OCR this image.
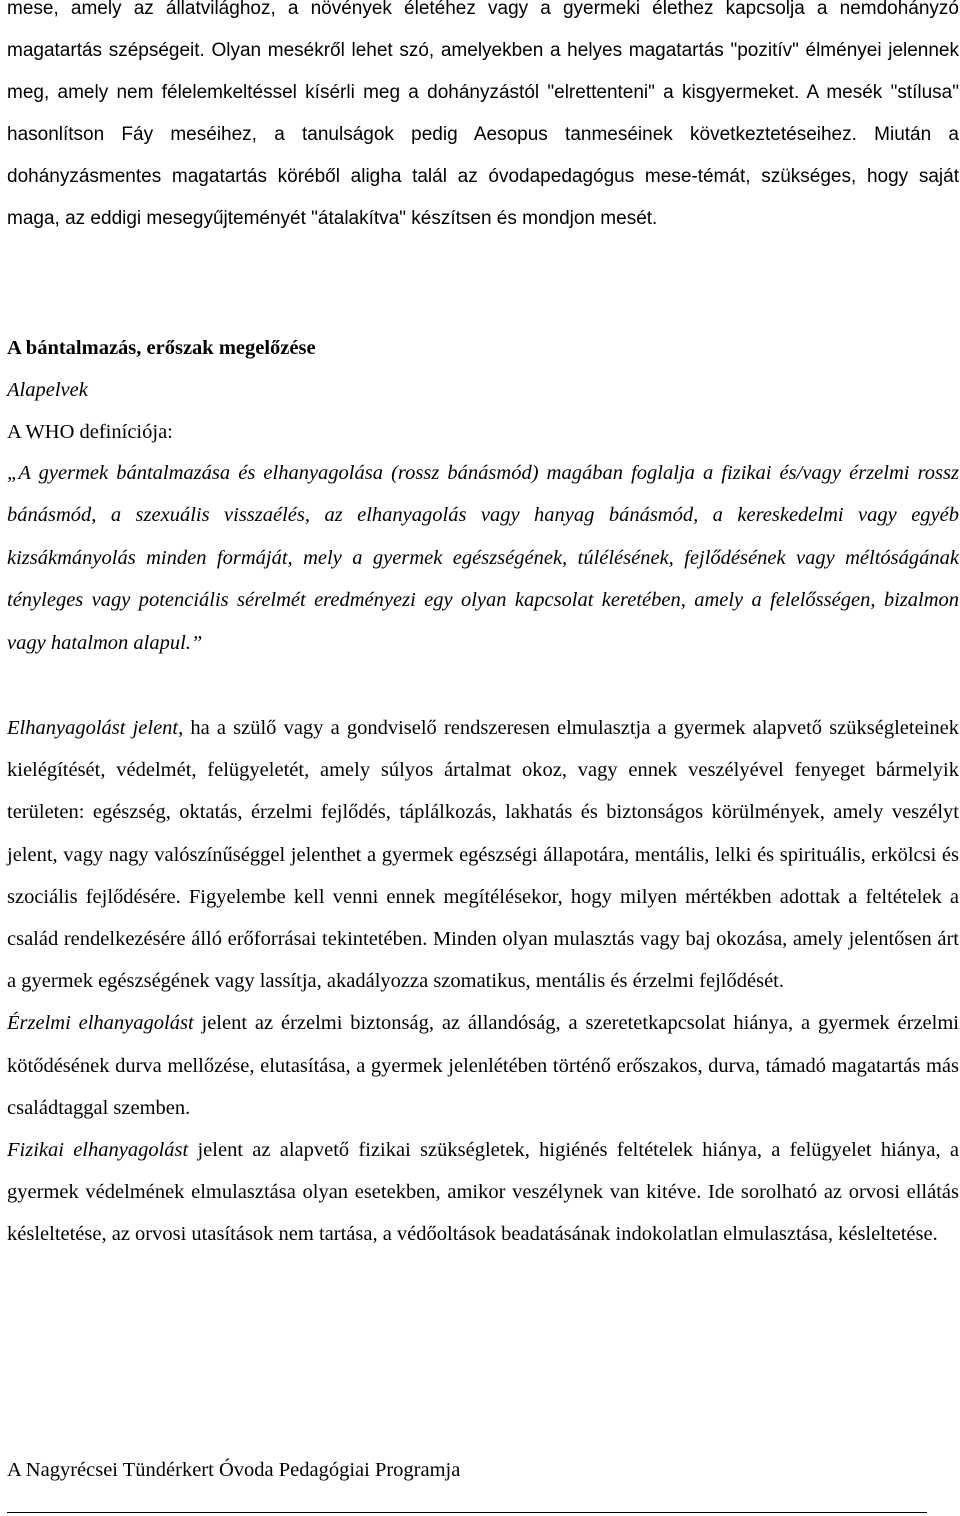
mese, amely az állatvilághoz, a növények életéhez vagy a gyermeki élethez kapcsolja a nemdohányzó magatartás szépségeit. Olyan mesékről lehet szó, amelyekben a helyes magatartás "pozitív" élményei jelennek meg, amely nem félelemkeltéssel kísérli meg a dohányzástól "elrettenteni" a kisgyermeket. A mesék "stílusa" hasonlítson Fáy meséihez, a tanulságok pedig Aesopus tanmeséinek következtetéseihez. Miután a dohányzásmentes magatartás köréből aligha talál az óvodapedagógus mese-témát, szükséges, hogy saját maga, az eddigi mesegyűjteményét "átalakítva" készítsen és mondjon mesét.

A bántalmazás, erőszak megelőzése

Alapelvek

A WHO definíciója:

„A gyermek bántalmazása és elhanyagolása (rossz bánásmód) magában foglalja a fizikai és/vagy érzelmi rossz bánásmód, a szexuális visszaélés, az elhanyagolás vagy hanyag bánásmód, a kereskedelmi vagy egyéb kizsákmányolás minden formáját, mely a gyermek egészségének, túlélésének, fejlődésének vagy méltóságának tényleges vagy potenciális sérelmét eredményezi egy olyan kapcsolat keretében, amely a felelősségen, bizalmon vagy hatalmon alapul.”

Elhanyagolást jelent, ha a szülő vagy a gondviselő rendszeresen elmulasztja a gyermek alapvető szükségleteinek kielégítését, védelmét, felügyeletét, amely súlyos ártalmat okoz, vagy ennek veszélyével fenyeget bármelyik területen: egészség, oktatás, érzelmi fejlődés, táplálkozás, lakhatás és biztonságos körülmények, amely veszélyt jelent, vagy nagy valószínűséggel jelenthet a gyermek egészségi állapotára, mentális, lelki és spirituális, erkölcsi és szociális fejlődésére. Figyelembe kell venni ennek megítélésekor, hogy milyen mértékben adottak a feltételek a család rendelkezésére álló erőforrásai tekintetében. Minden olyan mulasztás vagy baj okozása, amely jelentősen árt a gyermek egészségének vagy lassítja, akadályozza szomatikus, mentális és érzelmi fejlődését.

Érzelmi elhanyagolást jelent az érzelmi biztonság, az állandóság, a szeretetkapcsolat hiánya, a gyermek érzelmi kötődésének durva mellőzése, elutasítása, a gyermek jelenlétében történő erőszakos, durva, támadó magatartás más családtaggal szemben.

Fizikai elhanyagolást jelent az alapvető fizikai szükségletek, higiénés feltételek hiánya, a felügyelet hiánya, a gyermek védelmének elmulasztása olyan esetekben, amikor veszélynek van kitéve. Ide sorolható az orvosi ellátás késleltetése, az orvosi utasítások nem tartása, a védőoltások beadatásának indokolatlan elmulasztása, késleltetése.

A Nagyrécsei Tündérkert Óvoda Pedagógiai Programja
